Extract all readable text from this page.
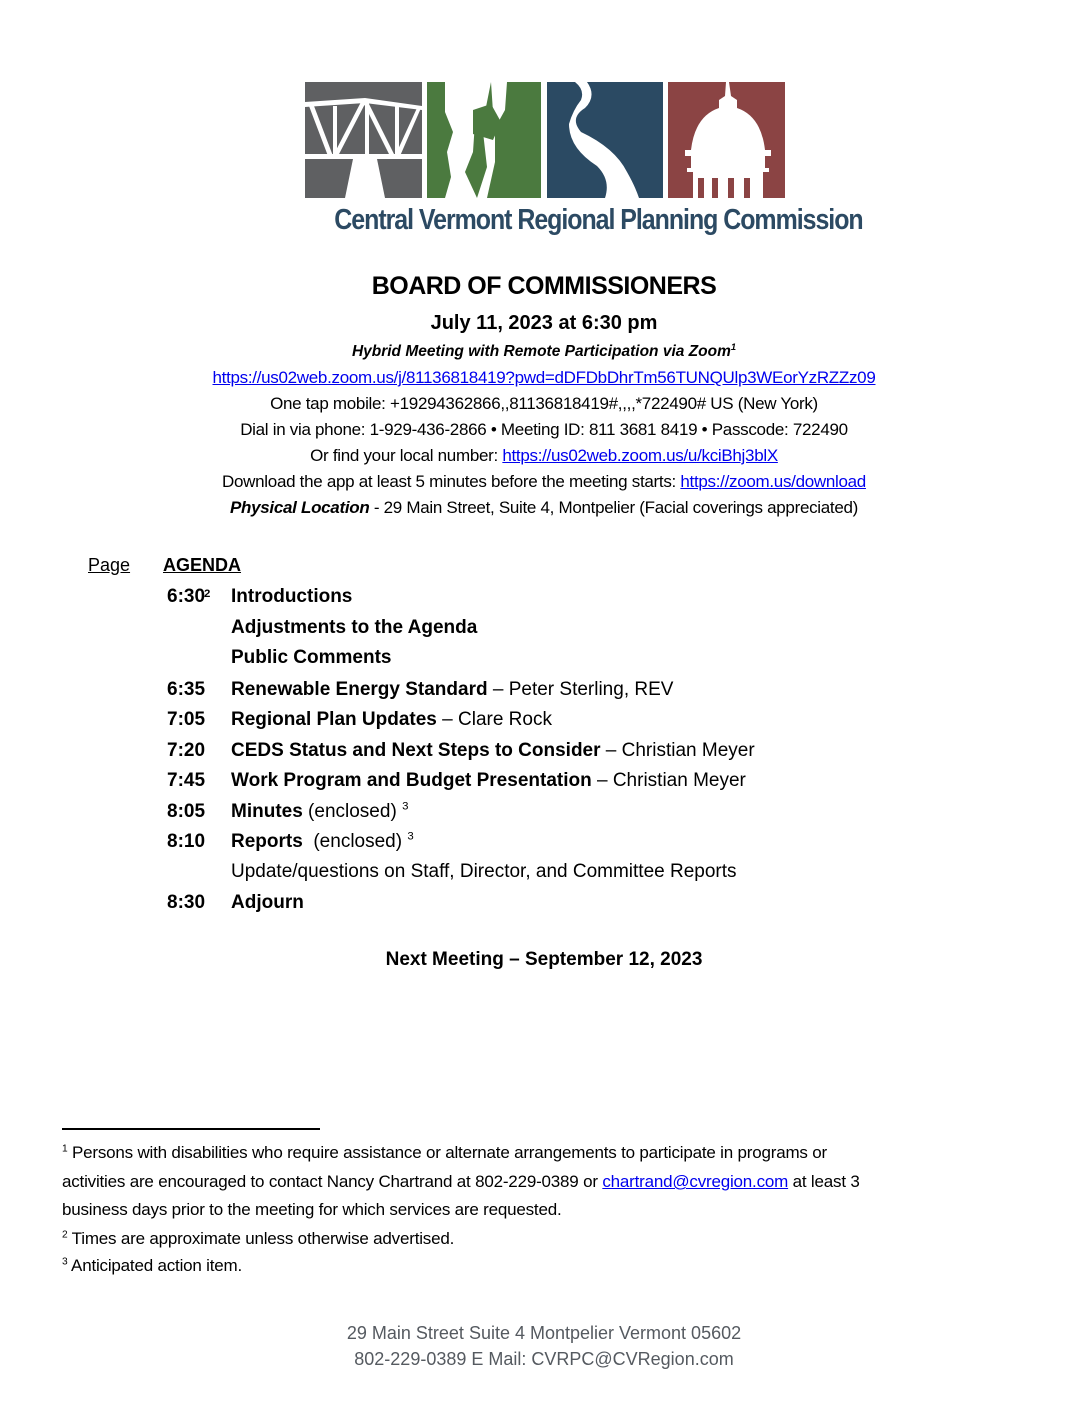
Central Vermont Regional Planning Commission
BOARD OF COMMISSIONERS
July 11, 2023 at 6:30 pm
Hybrid Meeting with Remote Participation via Zoom$^1$
https://us02web.zoom.us/j/81136818419?pwd=dDFDbDhrTm56TUNQUlp3WEorYzRZZz09
One tap mobile: +19294362866,,81136818419#,,,,*722490# US (New York)
Dial in via phone: 1-929-436-2866 • Meeting ID: 811 3681 8419 • Passcode: 722490
Or find your local number: https://us02web.zoom.us/u/kciBhj3blX
Download the app at least 5 minutes before the meeting starts: https://zoom.us/download
Physical Location - 29 Main Street, Suite 4, Montpelier (Facial coverings appreciated)
Page AGENDA
6:30
2 Introductions
Adjustments to the Agenda
Public Comments
6:35 Renewable Energy Standard – Peter Sterling, REV
7:05 Regional Plan Updates – Clare Rock
7:20 CEDS Status and Next Steps to Consider – Christian Meyer
7:45 Work Program and Budget Presentation – Christian Meyer
8:05 Minutes (enclosed) $^3$
8:10 Reports  (enclosed) $^3$
Update/questions on Staff, Director, and Committee Reports
8:30 Adjourn
Next Meeting – September 12, 2023
$^1$ Persons with disabilities who require assistance or alternate arrangements to participate in programs or
activities are encouraged to contact Nancy Chartrand at 802-229-0389 or chartrand@cvregion.com at least 3
business days prior to the meeting for which services are requested.
$^2$ Times are approximate unless otherwise advertised.
$^3$ Anticipated action item.
29 Main Street Suite 4 Montpelier Vermont 05602
802-229-0389 E Mail: CVRPC@CVRegion.com
